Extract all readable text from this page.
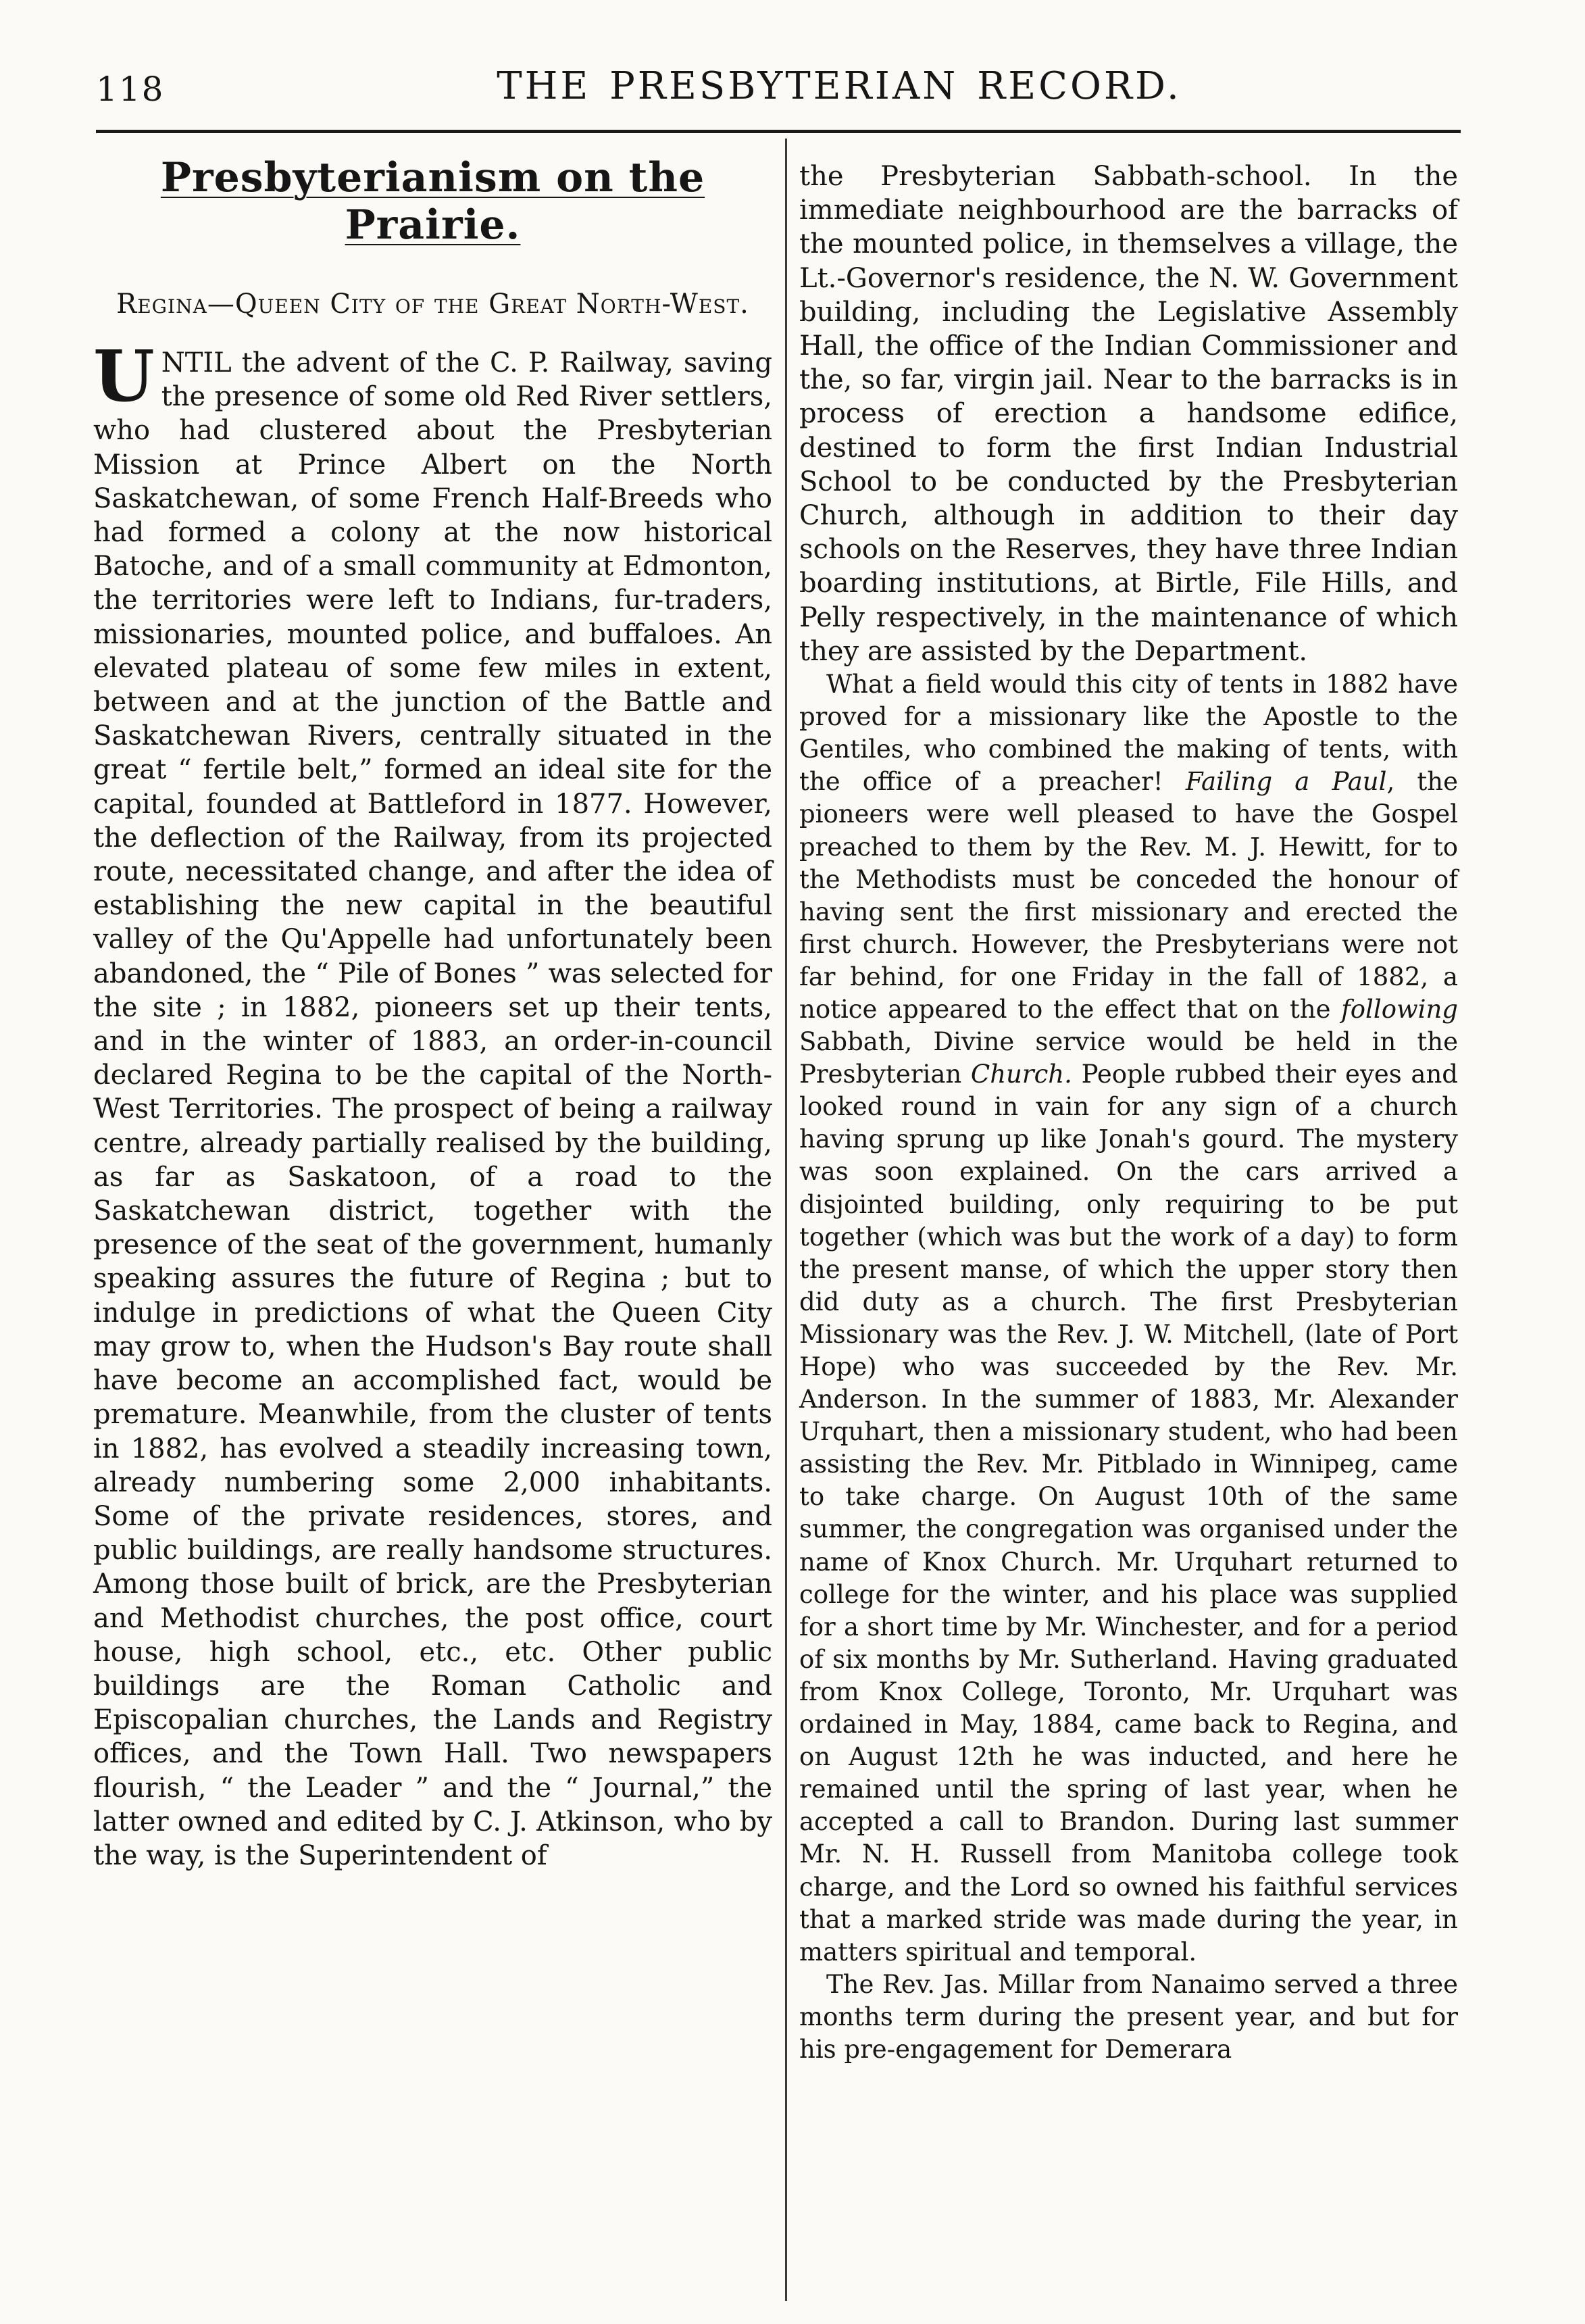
118	THE PRESBYTERIAN RECORD.
Presbyterianism on the Prairie.
Regina—Queen City of the Great North-West.

UNTIL the advent of the C. P. Railway, saving the presence of some old Red River settlers, who had clustered about the Presbyterian Mission at Prince Albert on the North Saskatchewan, of some French Half-Breeds who had formed a colony at the now historical Batoche, and of a small community at Edmonton, the territories were left to Indians, fur-traders, missionaries, mounted police, and buffaloes. An elevated plateau of some few miles in extent, between and at the junction of the Battle and Saskatchewan Rivers, centrally situated in the great “ fertile belt,” formed an ideal site for the capital, founded at Battleford in 1877. However, the deflection of the Railway, from its projected route, necessitated change, and after the idea of establishing the new capital in the beautiful valley of the Qu'Appelle had unfortunately been abandoned, the “ Pile of Bones ” was selected for the site ; in 1882, pioneers set up their tents, and in the winter of 1883, an order-in-council declared Regina to be the capital of the North-West Territories. The prospect of being a railway centre, already partially realised by the building, as far as Saskatoon, of a road to the Saskatchewan district, together with the presence of the seat of the government, humanly speaking assures the future of Regina ; but to indulge in predictions of what the Queen City may grow to, when the Hudson's Bay route shall have become an accomplished fact, would be premature. Meanwhile, from the cluster of tents in 1882, has evolved a steadily increasing town, already numbering some 2,000 inhabitants. Some of the private residences, stores, and public buildings, are really handsome structures. Among those built of brick, are the Presbyterian and Methodist churches, the post office, court house, high school, etc., etc. Other public buildings are the Roman Catholic and Episcopalian churches, the Lands and Registry offices, and the Town Hall. Two newspapers flourish, “ the Leader ” and the “ Journal,” the latter owned and edited by C. J. Atkinson, who by the way, is the Superintendent of

the Presbyterian Sabbath-school. In the immediate neighbourhood are the barracks of the mounted police, in themselves a village, the Lt.-Governor's residence, the N. W. Government building, including the Legislative Assembly Hall, the office of the Indian Commissioner and the, so far, virgin jail. Near to the barracks is in process of erection a handsome edifice, destined to form the first Indian Industrial School to be conducted by the Presbyterian Church, although in addition to their day schools on the Reserves, they have three Indian boarding institutions, at Birtle, File Hills, and Pelly respectively, in the maintenance of which they are assisted by the Department.

What a field would this city of tents in 1882 have proved for a missionary like the Apostle to the Gentiles, who combined the making of tents, with the office of a preacher! Failing a Paul, the pioneers were well pleased to have the Gospel preached to them by the Rev. M. J. Hewitt, for to the Methodists must be conceded the honour of having sent the first missionary and erected the first church. However, the Presbyterians were not far behind, for one Friday in the fall of 1882, a notice appeared to the effect that on the following Sabbath, Divine service would be held in the Presbyterian Church. People rubbed their eyes and looked round in vain for any sign of a church having sprung up like Jonah's gourd. The mystery was soon explained. On the cars arrived a disjointed building, only requiring to be put together (which was but the work of a day) to form the present manse, of which the upper story then did duty as a church. The first Presbyterian Missionary was the Rev. J. W. Mitchell, (late of Port Hope) who was succeeded by the Rev. Mr. Anderson. In the summer of 1883, Mr. Alexander Urquhart, then a missionary student, who had been assisting the Rev. Mr. Pitblado in Winnipeg, came to take charge. On August 10th of the same summer, the congregation was organised under the name of Knox Church. Mr. Urquhart returned to college for the winter, and his place was supplied for a short time by Mr. Winchester, and for a period of six months by Mr. Sutherland. Having graduated from Knox College, Toronto, Mr. Urquhart was ordained in May, 1884, came back to Regina, and on August 12th he was inducted, and here he remained until the spring of last year, when he accepted a call to Brandon. During last summer Mr. N. H. Russell from Manitoba college took charge, and the Lord so owned his faithful services that a marked stride was made during the year, in matters spiritual and temporal.

The Rev. Jas. Millar from Nanaimo served a three months term during the present year, and but for his pre-engagement for Demerara
